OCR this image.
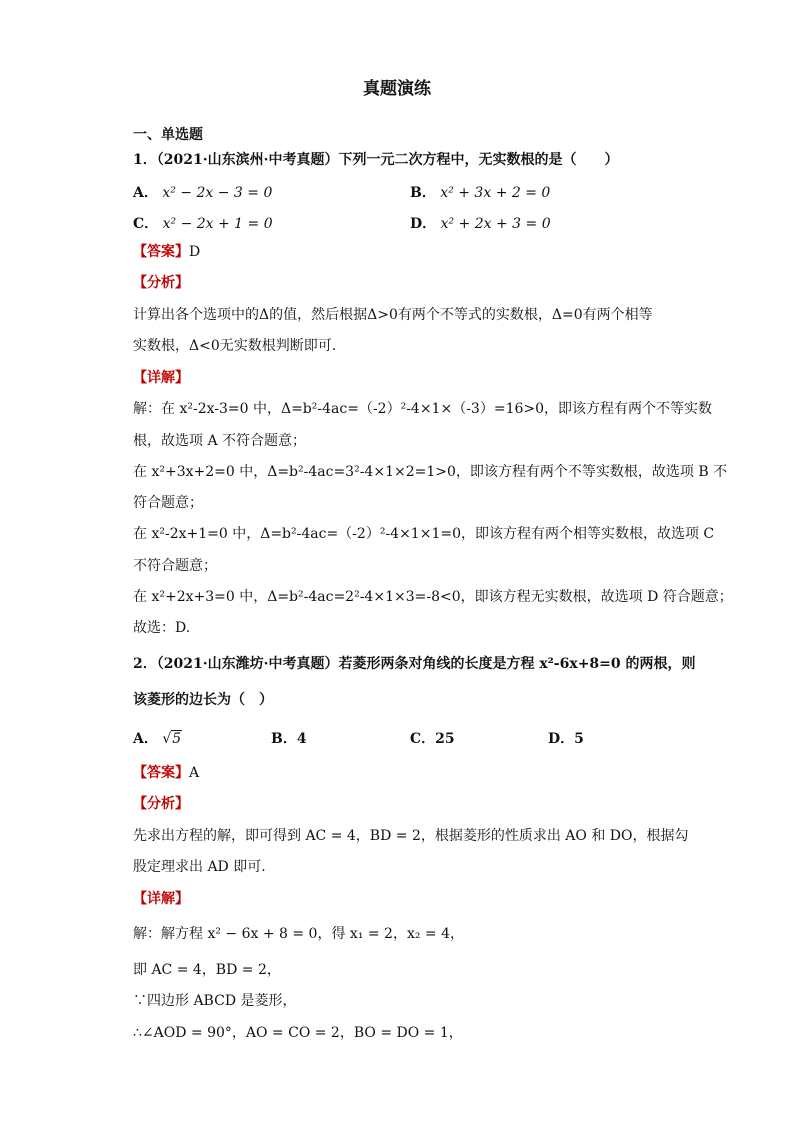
真题演练
一、单选题
1．（2021·山东滨州·中考真题）下列一元二次方程中，无实数根的是（　　）
A． x² − 2x − 3 = 0	B． x² + 3x + 2 = 0
C． x² − 2x + 1 = 0	D． x² + 2x + 3 = 0
【答案】D
【分析】
计算出各个选项中的Δ的值，然后根据Δ>0有两个不等式的实数根，Δ=0有两个相等
实数根，Δ<0无实数根判断即可.
【详解】
解：在 x²-2x-3=0 中，Δ=b²-4ac=（-2）²-4×1×（-3）=16>0，即该方程有两个不等实数
根，故选项 A 不符合题意；
在 x²+3x+2=0 中，Δ=b²-4ac=3²-4×1×2=1>0，即该方程有两个不等实数根，故选项 B 不
符合题意；
在 x²-2x+1=0 中，Δ=b²-4ac=（-2）²-4×1×1=0，即该方程有两个相等实数根，故选项 C
不符合题意；
在 x²+2x+3=0 中，Δ=b²-4ac=2²-4×1×3=-8<0，即该方程无实数根，故选项 D 符合题意；
故选：D.
2．（2021·山东潍坊·中考真题）若菱形两条对角线的长度是方程 x²-6x+8=0 的两根，则
该菱形的边长为（　）
A． √5	B．4	C．25	D．5
【答案】A
【分析】
先求出方程的解，即可得到 AC = 4，BD = 2，根据菱形的性质求出 AO 和 DO，根据勾
股定理求出 AD 即可.
【详解】
解：解方程 x² − 6x + 8 = 0，得 x₁ = 2，x₂ = 4，
即 AC = 4，BD = 2，
∵四边形 ABCD 是菱形，
∴∠AOD = 90°，AO = CO = 2，BO = DO = 1，
